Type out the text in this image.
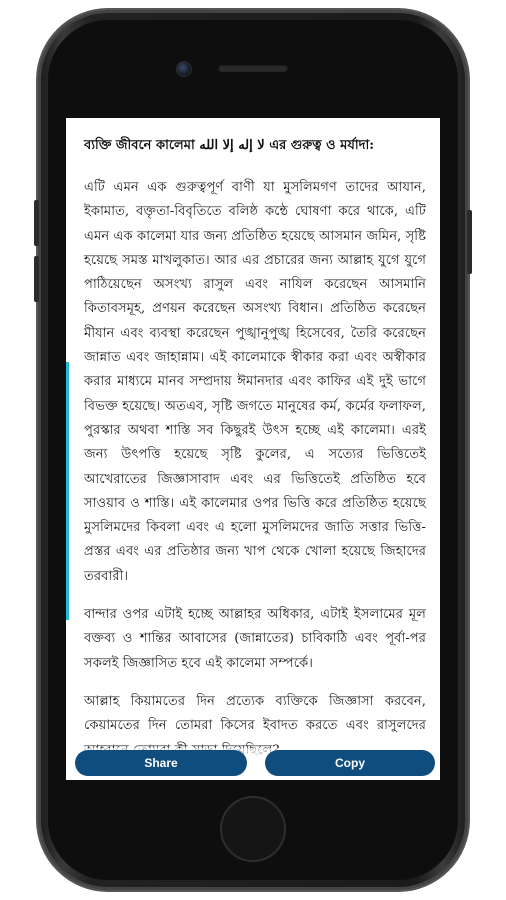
ব্যক্তি জীবনে কালেমা لا إله إلا الله এর গুরুত্ব ও মর্যাদা:

এটি এমন এক গুরুত্বপূর্ণ বাণী যা মুসলিমগণ তাদের আযান, ইকামাত, বক্তৃতা-বিবৃতিতে বলিষ্ঠ কন্ঠে ঘোষণা করে থাকে, এটি এমন এক কালেমা যার জন্য প্রতিষ্ঠিত হয়েছে আসমান জমিন, সৃষ্টি হয়েছে সমস্ত মাখলুকাত। আর এর প্রচারের জন্য আল্লাহ যুগে যুগে পাঠিয়েছেন অসংখ্য রাসুল এবং নাযিল করেছেন আসমানি কিতাবসমূহ, প্রণয়ন করেছেন অসংখ্য বিধান। প্রতিষ্ঠিত করেছেন মীযান এবং ব্যবস্থা করেছেন পুঙ্খানুপুঙ্খ হিসেবের, তৈরি করেছেন জান্নাত এবং জাহান্নাম। এই কালেমাকে স্বীকার করা এবং অস্বীকার করার মাধ্যমে মানব সম্প্রদায় ঈমানদার এবং কাফির এই দুই ভাগে বিভক্ত হয়েছে। অতএব, সৃষ্টি জগতে মানুষের কর্ম, কর্মের ফলাফল, পুরস্কার অথবা শাস্তি সব কিছুরই উৎস হচ্ছে এই কালেমা। এরই জন্য উৎপত্তি হয়েছে সৃষ্টি কুলের, এ সত্যের ভিত্তিতেই আখেরাতের জিজ্ঞাসাবাদ এবং এর ভিত্তিতেই প্রতিষ্ঠিত হবে সাওয়াব ও শাস্তি। এই কালেমার ওপর ভিত্তি করে প্রতিষ্ঠিত হয়েছে মুসলিমদের কিবলা এবং এ হলো মুসলিমদের জাতি সত্তার ভিত্তি-প্রস্তর এবং এর প্রতিষ্ঠার জন্য খাপ থেকে খোলা হয়েছে জিহাদের তরবারী।

বান্দার ওপর এটাই হচ্ছে আল্লাহর অধিকার, এটাই ইসলামের মূল বক্তব্য ও শান্তির আবাসের (জান্নাতের) চাবিকাঠি এবং পূর্বা-পর সকলই জিজ্ঞাসিত হবে এই কালেমা সম্পর্কে।

আল্লাহ কিয়ামতের দিন প্রত্যেক ব্যক্তিকে জিজ্ঞাসা করবেন, কেয়ামতের দিন তোমরা কিসের ইবাদত করতে এবং রাসুলদের

Share	Copy
